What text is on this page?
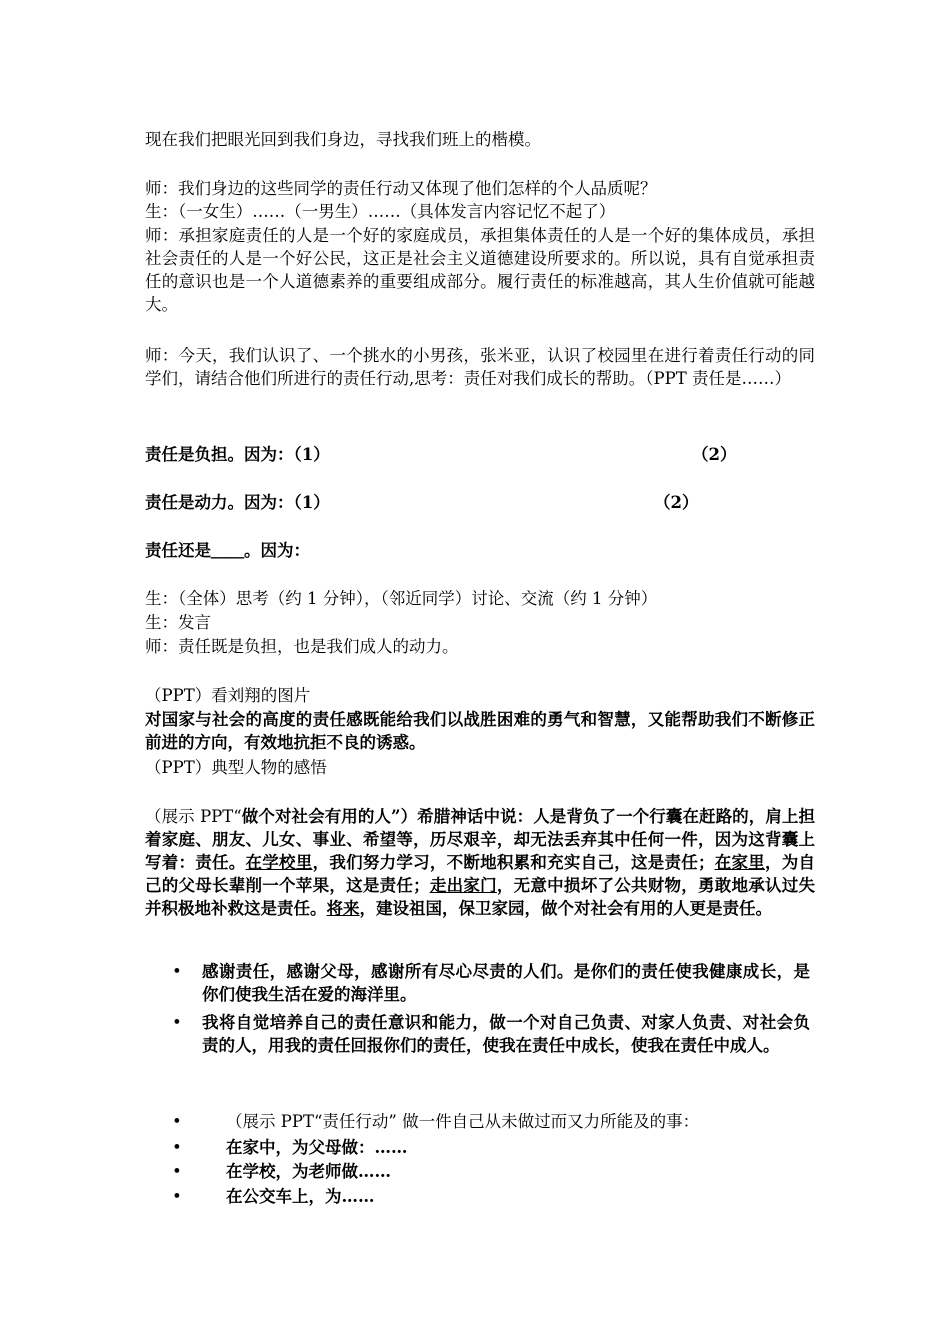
现在我们把眼光回到我们身边，寻找我们班上的楷模。

师：我们身边的这些同学的责任行动又体现了他们怎样的个人品质呢？

生：（一女生）……（一男生）……（具体发言内容记忆不起了）

师：承担家庭责任的人是一个好的家庭成员，承担集体责任的人是一个好的集体成员，承担社会责任的人是一个好公民，这正是社会主义道德建设所要求的。所以说，具有自觉承担责任的意识也是一个人道德素养的重要组成部分。履行责任的标准越高，其人生价值就可能越大。

师：今天，我们认识了、一个挑水的小男孩，张米亚，认识了校园里在进行着责任行动的同学们，请结合他们所进行的责任行动,思考：责任对我们成长的帮助。（PPT 责任是……）

责任是负担。因为：（1）	（2）

责任是动力。因为：（1）	（2）

责任还是＿＿。因为：

生：（全体）思考（约 1 分钟），（邻近同学）讨论、交流（约 1 分钟）

生：发言

师：责任既是负担，也是我们成人的动力。

（PPT）看刘翔的图片

对国家与社会的高度的责任感既能给我们以战胜困难的勇气和智慧，又能帮助我们不断修正前进的方向，有效地抗拒不良的诱惑。

（PPT）典型人物的感悟

（展示 PPT“做个对社会有用的人”）希腊神话中说：人是背负了一个行囊在赶路的，肩上担着家庭、朋友、儿女、事业、希望等，历尽艰辛，却无法丢弃其中任何一件，因为这背囊上写着：责任。在学校里，我们努力学习，不断地积累和充实自己，这是责任；在家里，为自己的父母长辈削一个苹果，这是责任；走出家门，无意中损坏了公共财物，勇敢地承认过失并积极地补救这是责任。将来，建设祖国，保卫家园，做个对社会有用的人更是责任。

• 感谢责任，感谢父母，感谢所有尽心尽责的人们。是你们的责任使我健康成长，是你们使我生活在爱的海洋里。
• 我将自觉培养自己的责任意识和能力，做一个对自己负责、对家人负责、对社会负责的人，用我的责任回报你们的责任，使我在责任中成长，使我在责任中成人。
•	（展示 PPT“责任行动” 做一件自己从未做过而又力所能及的事：
•	在家中，为父母做：……
•	在学校，为老师做……
•	在公交车上，为……
